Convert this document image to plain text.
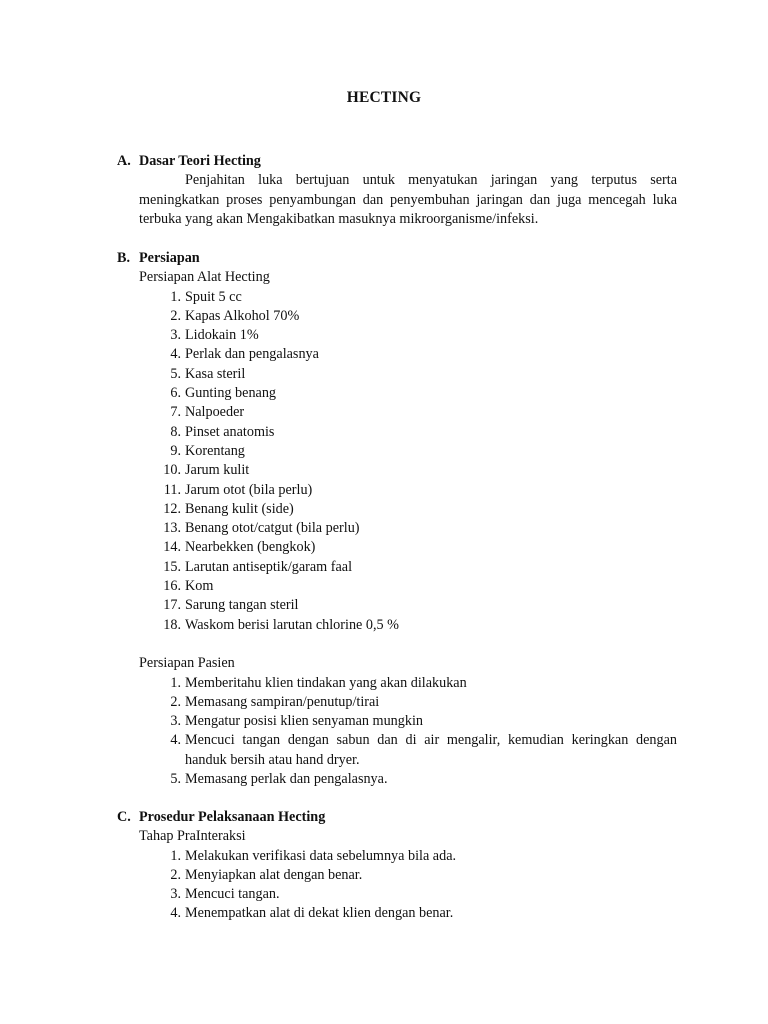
HECTING
A. Dasar Teori Hecting
Penjahitan luka bertujuan untuk menyatukan jaringan yang terputus serta meningkatkan proses penyambungan dan penyembuhan jaringan dan juga mencegah luka terbuka yang akan Mengakibatkan masuknya mikroorganisme/infeksi.
B. Persiapan
Persiapan Alat Hecting
1. Spuit 5 cc
2. Kapas Alkohol 70%
3. Lidokain 1%
4. Perlak dan pengalasnya
5. Kasa steril
6. Gunting benang
7. Nalpoeder
8. Pinset anatomis
9. Korentang
10. Jarum kulit
11. Jarum otot (bila perlu)
12. Benang kulit (side)
13. Benang otot/catgut (bila perlu)
14. Nearbekken (bengkok)
15. Larutan antiseptik/garam faal
16. Kom
17. Sarung tangan steril
18. Waskom berisi larutan chlorine 0,5 %
Persiapan Pasien
1. Memberitahu klien tindakan yang akan dilakukan
2. Memasang sampiran/penutup/tirai
3. Mengatur posisi klien senyaman mungkin
4. Mencuci tangan dengan sabun dan di air mengalir, kemudian keringkan dengan handuk bersih atau hand dryer.
5. Memasang perlak dan pengalasnya.
C. Prosedur Pelaksanaan Hecting
Tahap PraInteraksi
1. Melakukan verifikasi data sebelumnya bila ada.
2. Menyiapkan alat dengan benar.
3. Mencuci tangan.
4. Menempatkan alat di dekat klien dengan benar.
